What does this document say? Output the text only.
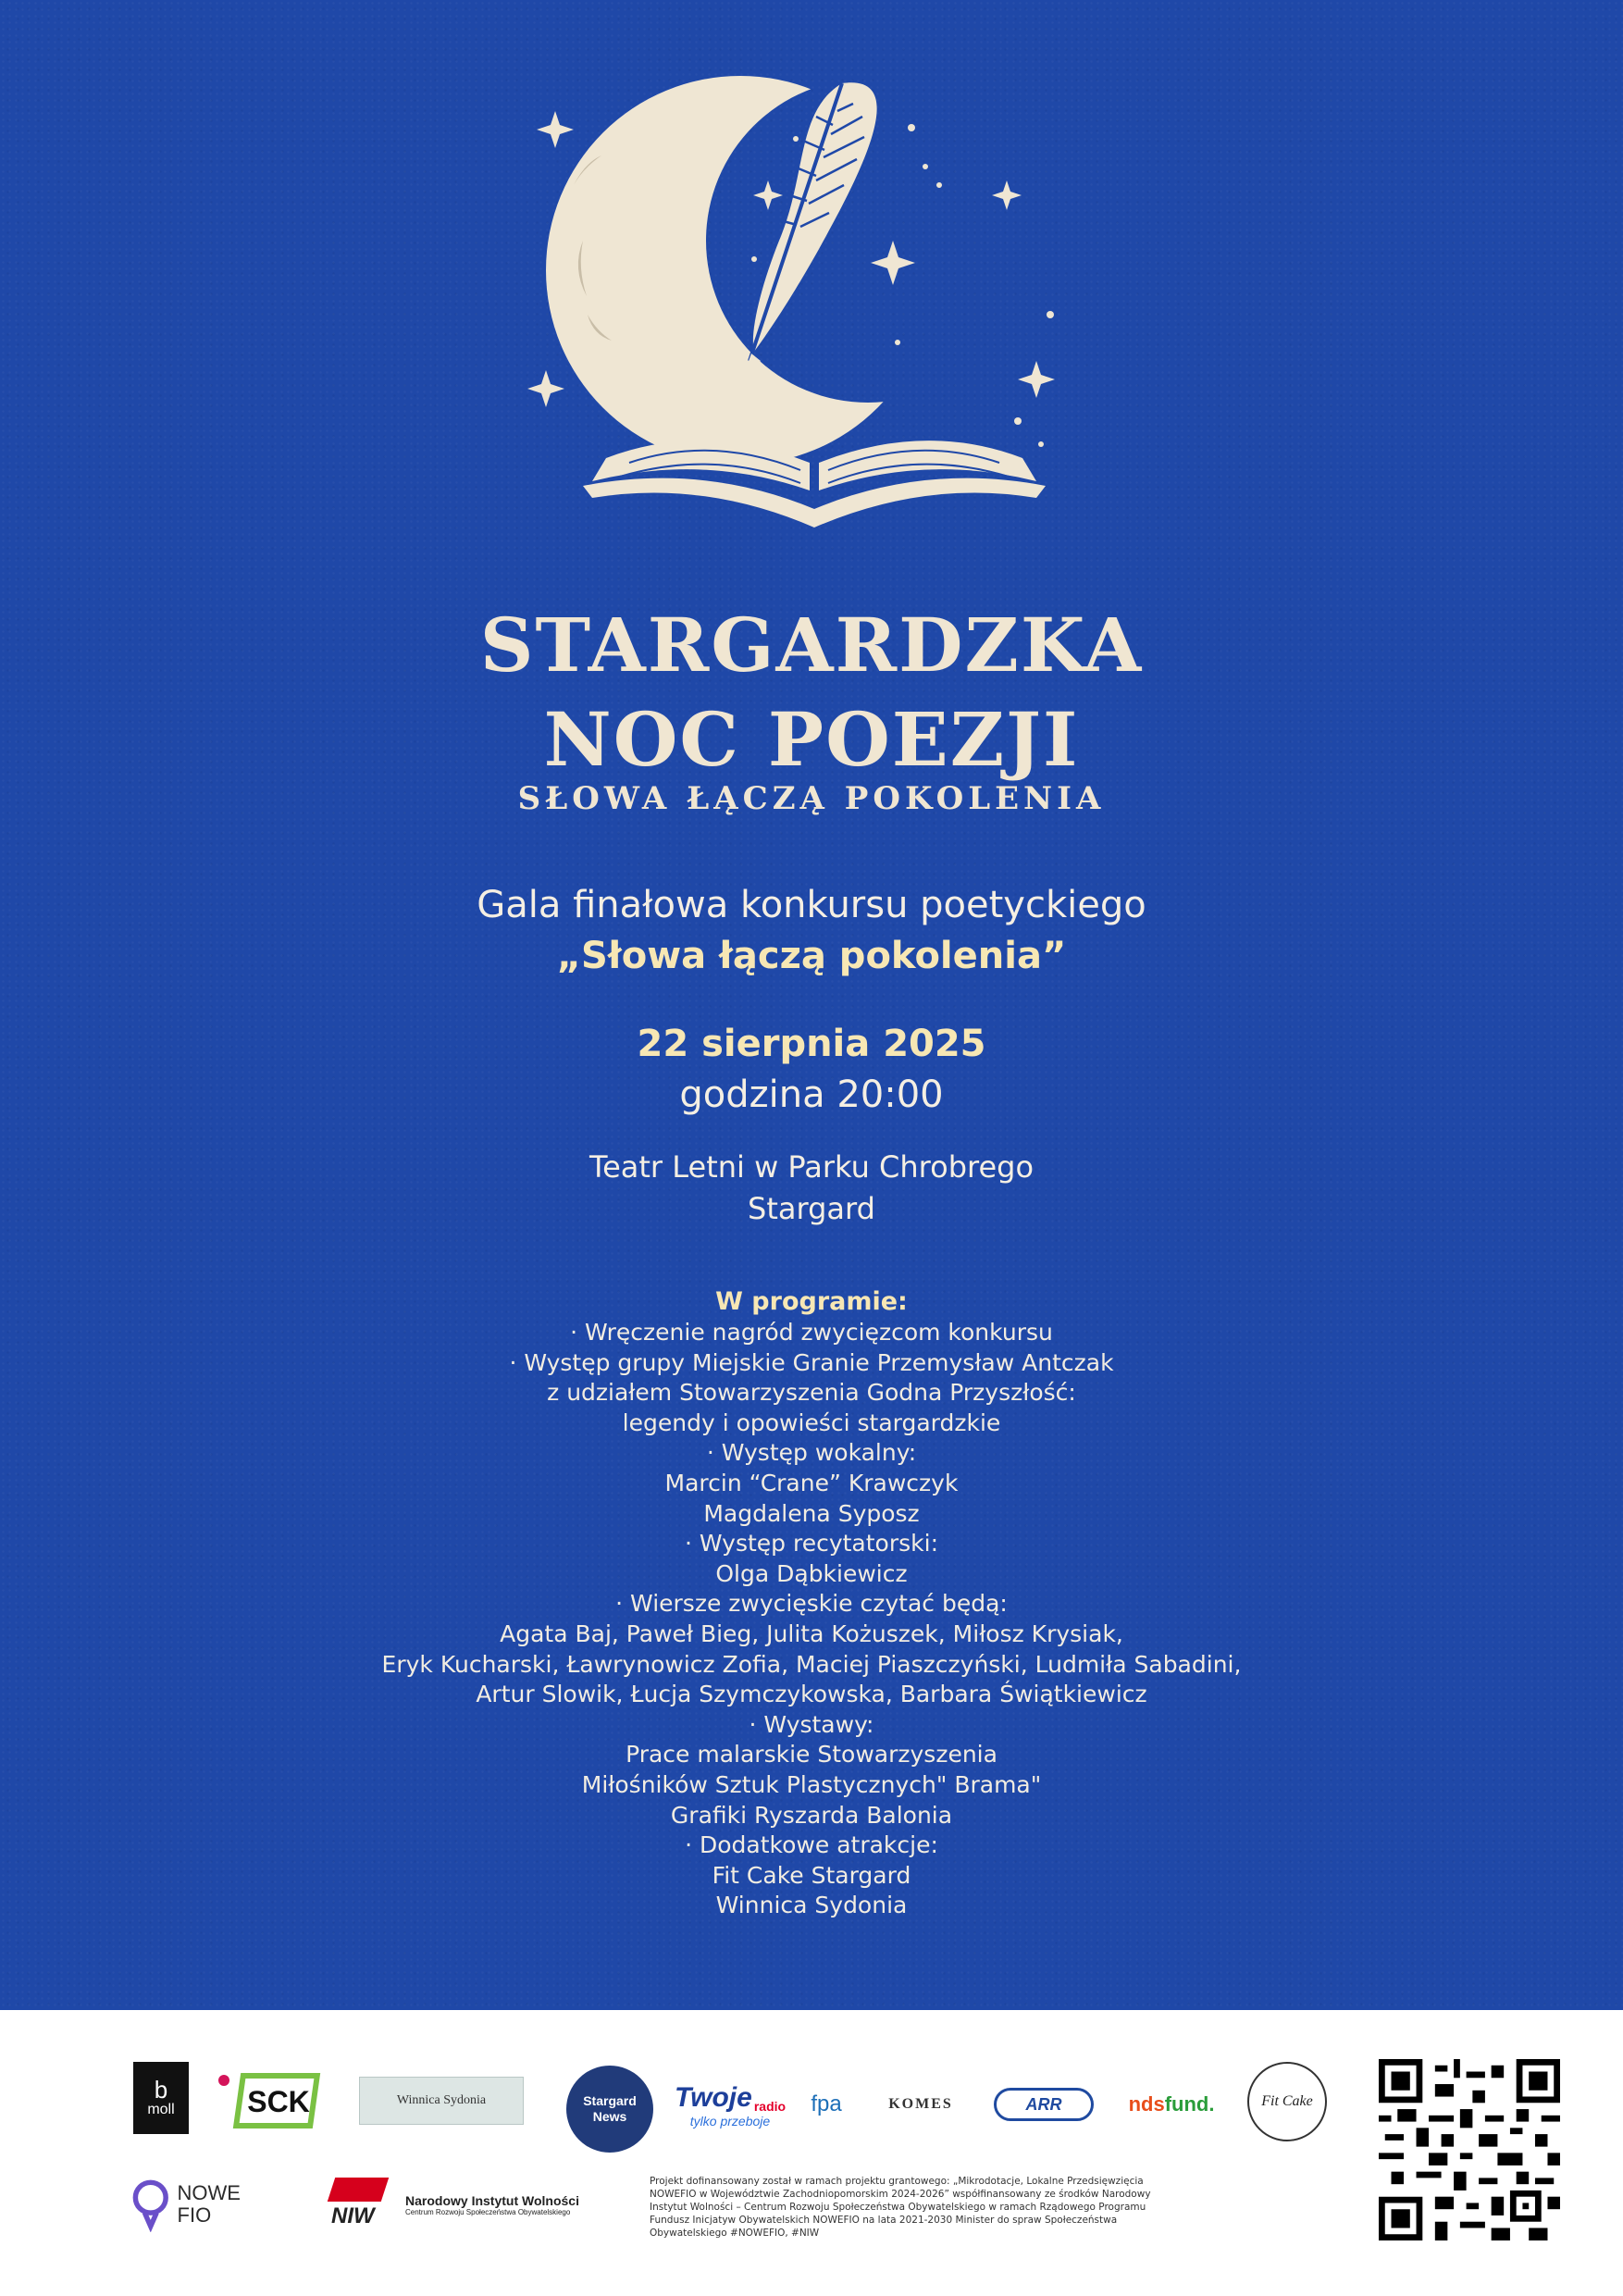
STARGARDZKA
NOC POEZJI
SŁOWA ŁĄCZĄ POKOLENIA
Gala finałowa konkursu poetyckiego
„Słowa łączą pokolenia”
22 sierpnia 2025
godzina 20:00
Teatr Letni w Parku Chrobrego
Stargard
W programie:
· Wręczenie nagród zwycięzcom konkursu
· Występ grupy Miejskie Granie Przemysław Antczak
z udziałem Stowarzyszenia Godna Przyszłość:
legendy i opowieści stargardzkie
· Występ wokalny:
Marcin “Crane” Krawczyk
Magdalena Syposz
· Występ recytatorski:
Olga Dąbkiewicz
· Wiersze zwycięskie czytać będą:
Agata Baj, Paweł Bieg, Julita Kożuszek, Miłosz Krysiak,
Eryk Kucharski, Ławrynowicz Zofia, Maciej Piaszczyński, Ludmiła Sabadini,
Artur Slowik, Łucja Szymczykowska, Barbara Świątkiewicz
· Wystawy:
Prace malarskie Stowarzyszenia
Miłośników Sztuk Plastycznych" Brama"
Grafiki Ryszarda Balonia
· Dodatkowe atrakcje:
Fit Cake Stargard
Winnica Sydonia
b
moll SCK	Winnica Sydonia	Stargard
News
Twoje radio
tylko przeboje
fpa	KOMES	ARR	nds fund.	Fit Cake
NOWE
FIO	NIW
Narodowy Instytut Wolności
Centrum Rozwoju Społeczeństwa Obywatelskiego
Projekt dofinansowany został w ramach projektu grantowego: „Mikrodotacje, Lokalne Przedsięwzięcia NOWEFIO w Województwie Zachodniopomorskim 2024-2026” współfinansowany ze środków Narodowy Instytut Wolności – Centrum Rozwoju Społeczeństwa Obywatelskiego w ramach Rządowego Programu Fundusz Inicjatyw Obywatelskich NOWEFIO na lata 2021-2030 Minister do spraw Społeczeństwa Obywatelskiego #NOWEFIO, #NIW
